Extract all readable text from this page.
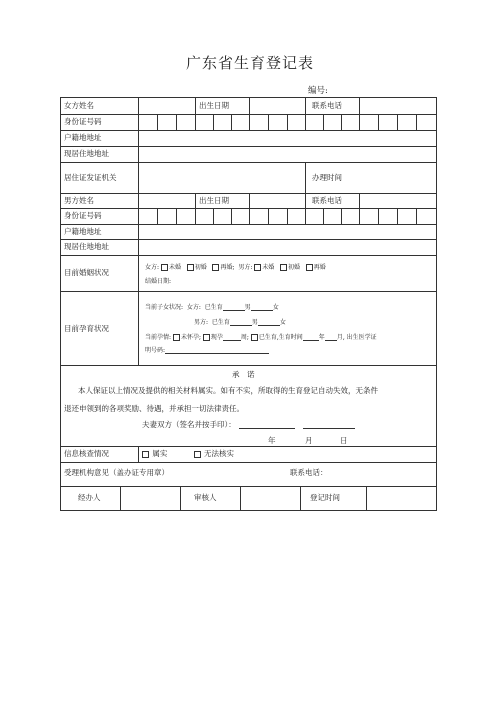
广东省生育登记表
编号:
女方姓名	出生日期	联系电话
身份证号码
户籍地地址
现居住地地址
居住证发证机关	办理时间
男方姓名	出生日期	联系电话
身份证号码
户籍地地址
现居住地地址
目前婚姻状况
女方: 未婚 初婚 再婚;  男方: 未婚 初婚 再婚
结婚日期:
目前孕育状况
当前子女状况: 女方: 已生育	男	女
男方: 已生育	男	女
当前孕情: 未怀孕; 现孕	周; 已生育,生育时间	年 月, 出生医学证
明号码:
承　诺
本人保证以上情况及提供的相关材料属实。如有不实，所取得的生育登记自动失效，无条件
退还申领到的各项奖励、待遇，并承担一切法律责任。
夫妻双方（签名并按手印）：
年	月	日
信息核查情况	属实	无法核实
受理机构意见（盖办证专用章）	联系电话：
经办人	审核人	登记时间
